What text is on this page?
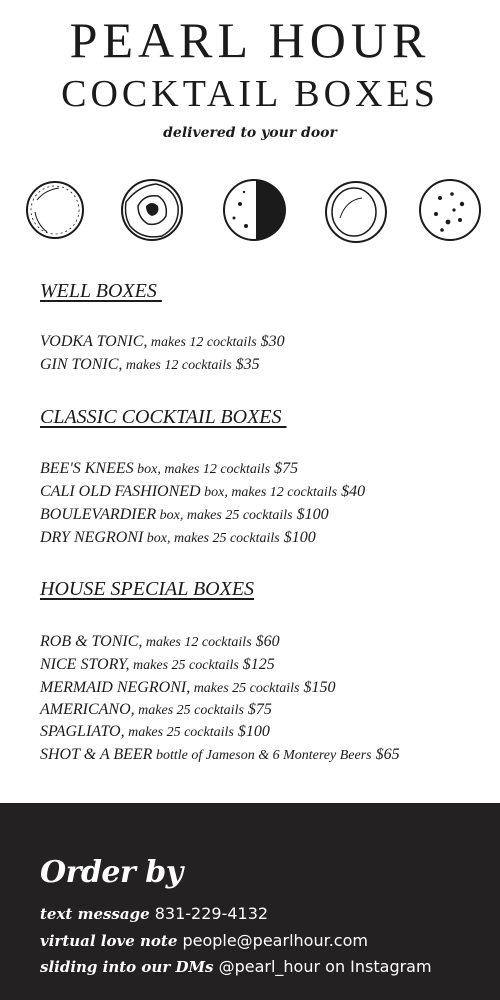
PEARL HOUR
COCKTAIL BOXES
delivered to your door
WELL BOXES
VODKA TONIC, makes 12 cocktails $30
GIN TONIC, makes 12 cocktails $35
CLASSIC COCKTAIL BOXES
BEE'S KNEES box, makes 12 cocktails $75
CALI OLD FASHIONED box, makes 12 cocktails $40
BOULEVARDIER box, makes 25 cocktails $100
DRY NEGRONI box, makes 25 cocktails $100
HOUSE SPECIAL BOXES
ROB & TONIC, makes 12 cocktails $60
NICE STORY, makes 25 cocktails $125
MERMAID NEGRONI, makes 25 cocktails $150
AMERICANO, makes 25 cocktails $75
SPAGLIATO, makes 25 cocktails $100
SHOT & A BEER bottle of Jameson & 6 Monterey Beers $65
Order by
text message 831-229-4132
virtual love note people@pearlhour.com
sliding into our DMs @pearl_hour on Instagram
